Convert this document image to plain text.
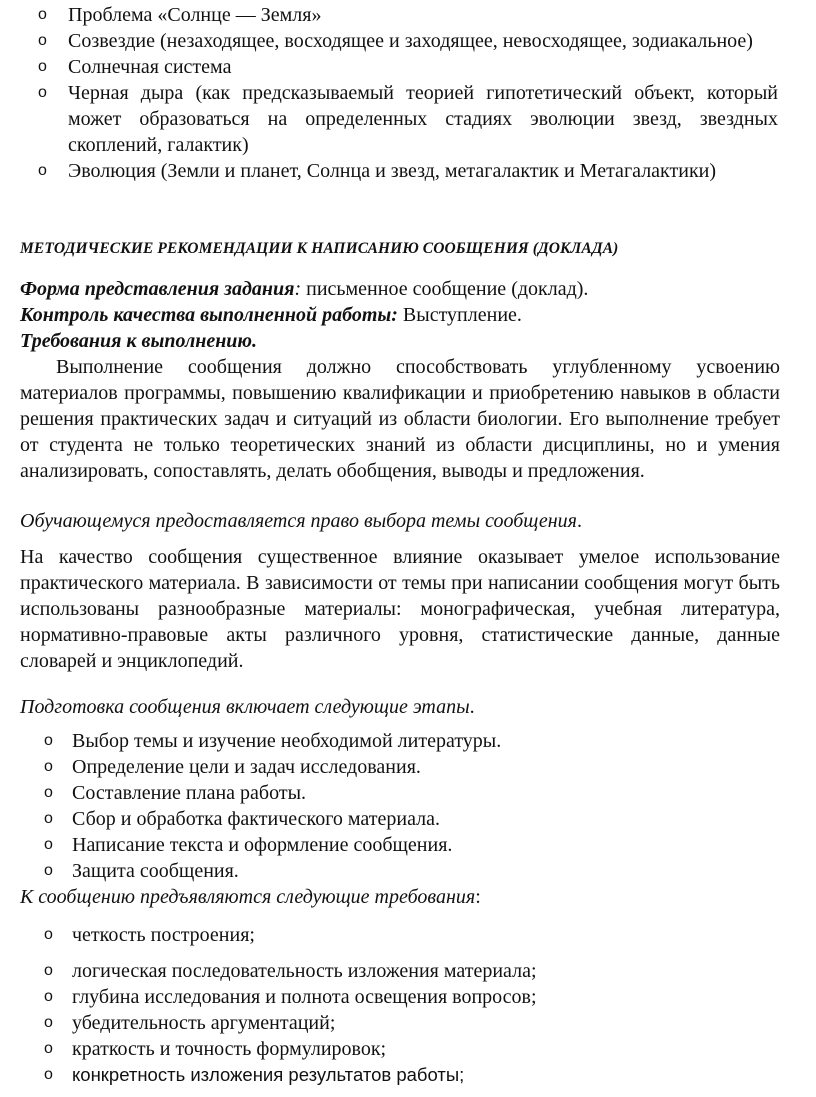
o Проблема «Солнце — Земля»
o Созвездие (незаходящее, восходящее и заходящее, невосходящее, зодиакальное)
o Солнечная система
o Черная дыра (как предсказываемый теорией гипотетический объект, который может образоваться на определенных стадиях эволюции звезд, звездных скоплений, галактик)
o Эволюция (Земли и планет, Солнца и звезд, метагалактик и Метагалактики)
МЕТОДИЧЕСКИЕ РЕКОМЕНДАЦИИ К НАПИСАНИЮ СООБЩЕНИЯ (ДОКЛАДА)
Форма представления задания: письменное сообщение (доклад).
Контроль качества выполненной работы: Выступление.
Требования к выполнению.
Выполнение сообщения должно способствовать углубленному усвоению материалов программы, повышению квалификации и приобретению навыков в области решения практических задач и ситуаций из области биологии. Его выполнение требует от студента не только теоретических знаний из области дисциплины, но и умения анализировать, сопоставлять, делать обобщения, выводы и предложения.
Обучающемуся предоставляется право выбора темы сообщения.
На качество сообщения существенное влияние оказывает умелое использование практического материала. В зависимости от темы при написании сообщения могут быть использованы разнообразные материалы: монографическая, учебная литература, нормативно-правовые акты различного уровня, статистические данные, данные словарей и энциклопедий.
Подготовка сообщения включает следующие этапы.
o Выбор темы и изучение необходимой литературы.
o Определение цели и задач исследования.
o Составление плана работы.
o Сбор и обработка фактического материала.
o Написание текста и оформление сообщения.
o Защита сообщения.
К сообщению предъявляются следующие требования:
o четкость построения;
o логическая последовательность изложения материала;
o глубина исследования и полнота освещения вопросов;
o убедительность аргументаций;
o краткость и точность формулировок;
o конкретность изложения результатов работы;
